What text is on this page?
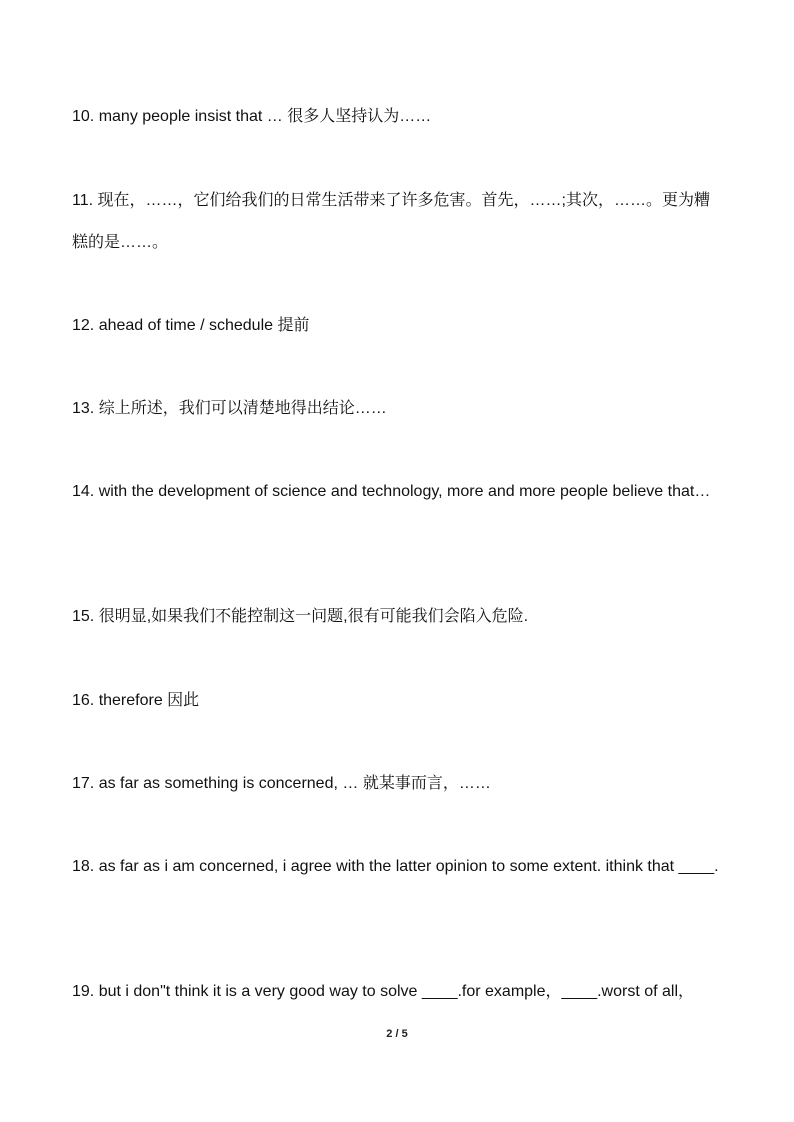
10. many people insist that … 很多人坚持认为……

11. 现在，……，它们给我们的日常生活带来了许多危害。首先，……;其次，……。更为糟糕的是……。

12. ahead of time / schedule 提前

13. 综上所述，我们可以清楚地得出结论……

14. with the development of science and technology, more and more people believe that…

15. 很明显,如果我们不能控制这一问题,很有可能我们会陷入危险.

16. therefore 因此

17. as far as something is concerned, … 就某事而言，……

18. as far as i am concerned, i agree with the latter opinion to some extent. ithink that ____.

19. but i don"t think it is a very good way to solve ____.for example，____.worst of all，

2 / 5
